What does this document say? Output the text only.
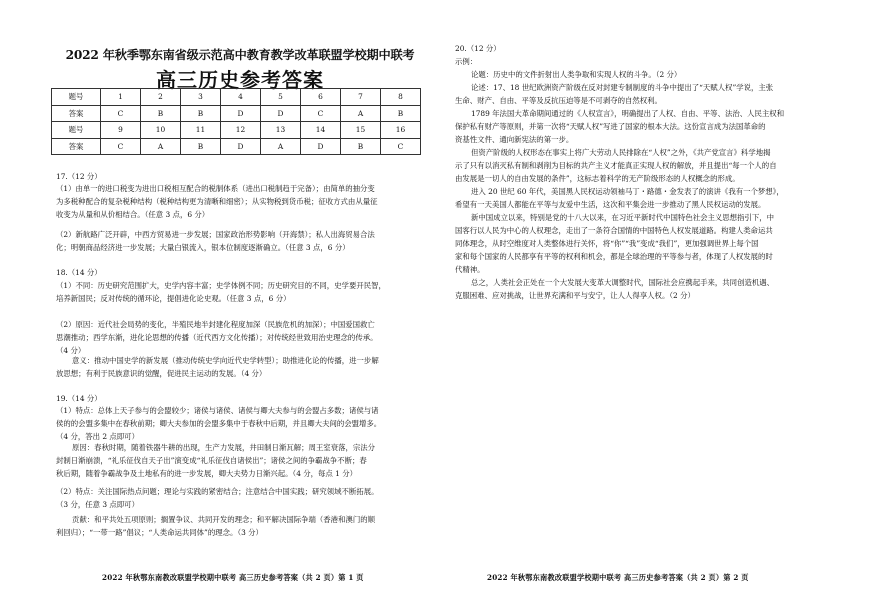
2022 年秋季鄂东南省级示范高中教育教学改革联盟学校期中联考
高三历史参考答案
题号	1	2	3	4	5	6	7	8
答案	C	B	B	D	D	C	A	B
题号	9	10	11	12	13	14	15	16
答案	C	A	B	D	A	D	B	C
17.（12 分）
（1）由单一的进口税变为进出口税相互配合的税制体系（进出口税制趋于完备）；由简单的抽分变
为多税种配合的复杂税种结构（税种结构更为清晰和细密）；从实物税到货币税；征收方式由从量征
收变为从量和从价相结合。（任意 3 点，6 分）
（2）新航路广泛开辟，中西方贸易进一步发展；国家政治形势影响（开海禁）；私人出海贸易合法
化；明朝商品经济进一步发展；大量白银流入，银本位制度逐渐确立。（任意 3 点，6 分）
18.（14 分）
（1）不同：历史研究范围扩大，史学内容丰富；史学体例不同；历史研究目的不同，史学要开民智，
培养新国民；反对传统的循环论，提倡进化论史观。（任意 3 点，6 分）
（2）原因：近代社会局势的变化，半殖民地半封建化程度加深（民族危机的加深）；中国爱国救亡
思潮推动；西学东渐，进化论思想的传播（近代西方文化传播）；对传统经世致用治史理念的传承。
（4 分）
意义：推动中国史学的新发展（推动传统史学向近代史学转型）；助推进化论的传播，进一步解
放思想；有利于民族意识的觉醒，促进民主运动的发展。（4 分）
19.（14 分）
（1）特点：总体上天子参与的会盟较少；诸侯与诸侯、诸侯与卿大夫参与的会盟占多数；诸侯与诸
侯的的会盟多集中在春秋前期；卿大夫参加的会盟多集中于春秋中后期，并且卿大夫间的会盟增多。
（4 分，答出 2 点即可）
原因：春秋时期，随着铁器牛耕的出现，生产力发展，井田制日渐瓦解；周王室衰落，宗法分
封制日渐崩溃，“礼乐征伐自天子出”演变成“礼乐征伐自诸侯出”；诸侯之间的争霸战争不断；春
秋后期，随着争霸战争及土地私有的进一步发展，卿大夫势力日渐兴起。（4 分，每点 1 分）
（2）特点：关注国际热点问题；理论与实践的紧密结合；注意结合中国实践；研究领域不断拓展。
（3 分，任意 3 点即可）
贡献：和平共处五项原则；搁置争议、共同开发的理念；和平解决国际争端（香港和澳门的顺
利回归）；“一带一路”倡议；“人类命运共同体”的理念。（3 分）
2022 年秋鄂东南教改联盟学校期中联考 高三历史参考答案（共 2 页）第 1 页
20.（12 分）
示例：
论题：历史中的文件折射出人类争取和实现人权的斗争。（2 分）
论述：17、18 世纪欧洲资产阶级在反对封建专制制度的斗争中提出了“天赋人权”学说，主张
生命、财产、自由、平等及反抗压迫等是不可剥夺的自然权利。
1789 年法国大革命期间通过的《人权宣言》，明确提出了人权、自由、平等、法治、人民主权和
保护私有财产等原则，并第一次将“天赋人权”写进了国家的根本大法。这份宣言成为法国革命的
资基性文件、通向新宪法的第一步。
但资产阶级的人权形态在事实上将广大劳动人民排除在“人权”之外，《共产党宣言》科学地揭
示了只有以消灭私有制和剥削为目标的共产主义才能真正实现人权的解放，并且提出“每一个人的自
由发展是一切人的自由发展的条件”，这标志着科学的无产阶级形态的人权概念的形成。
进入 20 世纪 60 年代，美国黑人民权运动领袖马丁・路德・金发表了的演讲《我有一个梦想》，
希望有一天美国人都能在平等与友爱中生活，这次和平集会进一步推动了黑人民权运动的发展。
新中国成立以来，特别是党的十八大以来，在习近平新时代中国特色社会主义思想指引下，中
国客行以人民为中心的人权理念，走出了一条符合国情的中国特色人权发展道路。构建人类命运共
同体理念，从时空维度对人类整体进行关怀，将“你”“我”变成“我们”，更加强调世界上每个国
家和每个国家的人民都享有平等的权利和机会，都是全球治理的平等参与者，体现了人权发展的时
代精神。
总之，人类社会正处在一个大发展大变革大调整时代，国际社会应携起手来，共同创造机遇、
克服困难、应对挑战，让世界充满和平与安宁，让人人得享人权。（2 分）
2022 年秋鄂东南教改联盟学校期中联考 高三历史参考答案（共 2 页）第 2 页
